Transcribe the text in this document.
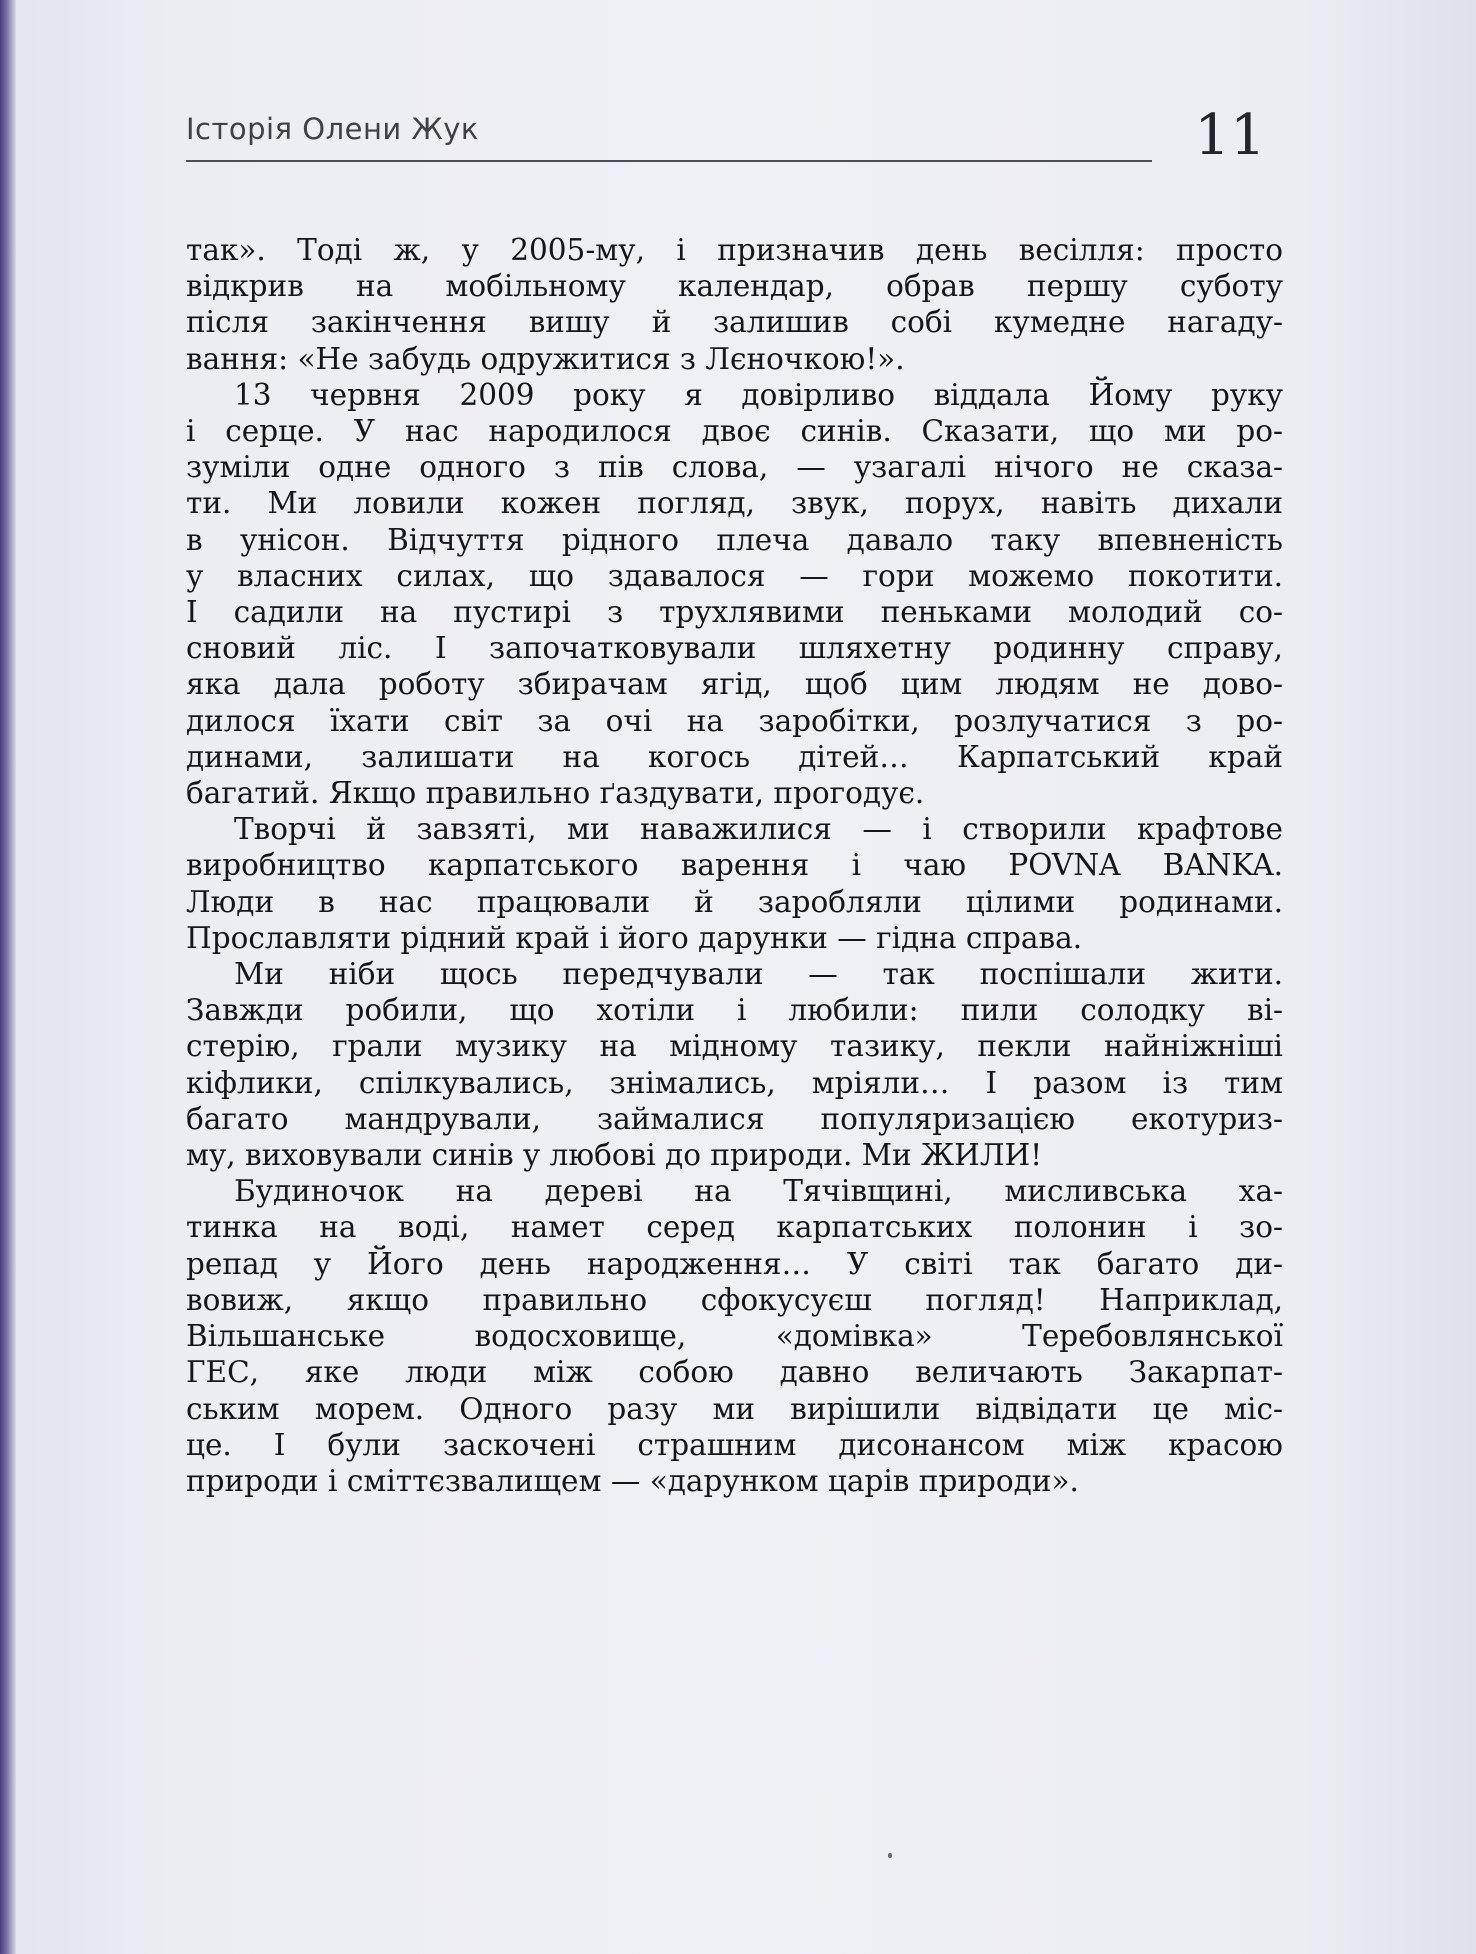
Історія Олени Жук	11
так». Тоді ж, у 2005-му, і призначив день весілля: просто
відкрив на мобільному календар, обрав першу суботу
після закінчення вишу й залишив собі кумедне нагаду-
вання: «Не забудь одружитися з Лєночкою!».
13 червня 2009 року я довірливо віддала Йому руку
і серце. У нас народилося двоє синів. Сказати, що ми ро-
зуміли одне одного з пів слова, — узагалі нічого не сказа-
ти. Ми ловили кожен погляд, звук, порух, навіть дихали
в унісон. Відчуття рідного плеча давало таку впевненість
у власних силах, що здавалося — гори можемо покотити.
І садили на пустирі з трухлявими пеньками молодий со-
сновий ліс. І започатковували шляхетну родинну справу,
яка дала роботу збирачам ягід, щоб цим людям не дово-
дилося їхати світ за очі на заробітки, розлучатися з ро-
динами, залишати на когось дітей… Карпатський край
багатий. Якщо правильно ґаздувати, прогодує.
Творчі й завзяті, ми наважилися — і створили крафтове
виробництво карпатського варення і чаю POVNA BANKA.
Люди в нас працювали й заробляли цілими родинами.
Прославляти рідний край і його дарунки — гідна справа.
Ми ніби щось передчували — так поспішали жити.
Завжди робили, що хотіли і любили: пили солодку ві-
стерію, грали музику на мідному тазику, пекли найніжніші
кіфлики, спілкувались, знімались, мріяли… І разом із тим
багато мандрували, займалися популяризацією екотуриз-
му, виховували синів у любові до природи. Ми ЖИЛИ!
Будиночок на дереві на Тячівщині, мисливська ха-
тинка на воді, намет серед карпатських полонин і зо-
репад у Його день народження… У світі так багато ди-
вовиж, якщо правильно сфокусуєш погляд! Наприклад,
Вільшанське водосховище, «домівка» Теребовлянської
ГЕС, яке люди між собою давно величають Закарпат-
ським морем. Одного разу ми вирішили відвідати це міс-
це. І були заскочені страшним дисонансом між красою
природи і сміттєзвалищем — «дарунком царів природи».
